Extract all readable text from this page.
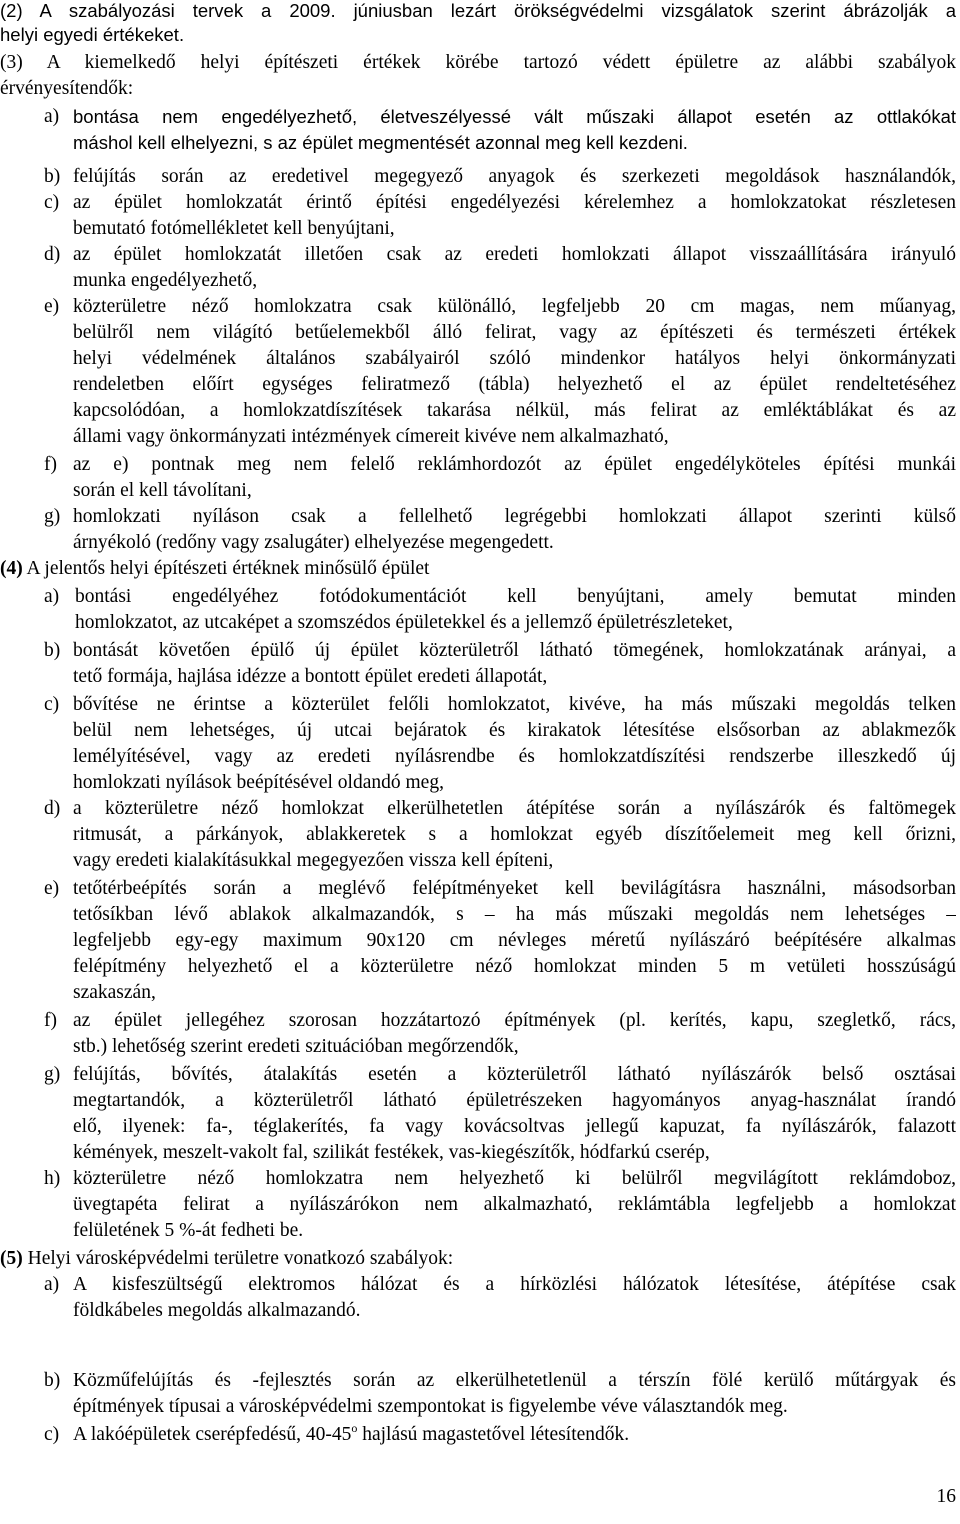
(2) A szabályozási tervek a 2009. júniusban lezárt örökségvédelmi vizsgálatok szerint ábrázolják a
helyi egyedi értékeket.
(3) A kiemelkedő helyi építészeti értékek körébe tartozó védett épületre az alábbi szabályok
érvényesítendők:
a) bontása nem engedélyezhető, életveszélyessé vált műszaki állapot esetén az ottlakókat
máshol kell elhelyezni, s az épület megmentését azonnal meg kell kezdeni.
b) felújítás során az eredetivel megegyező anyagok és szerkezeti megoldások használandók,
c) az épület homlokzatát érintő építési engedélyezési kérelemhez a homlokzatokat részletesen
bemutató fotómellékletet kell benyújtani,
d) az épület homlokzatát illetően csak az eredeti homlokzati állapot visszaállítására irányuló
munka engedélyezhető,
e) közterületre néző homlokzatra csak különálló, legfeljebb 20 cm magas, nem műanyag,
belülről nem világító betűelemekből álló felirat, vagy az építészeti és természeti értékek
helyi védelmének általános szabályairól szóló mindenkor hatályos helyi önkormányzati
rendeletben előírt egységes feliratmező (tábla) helyezhető el az épület rendeltetéséhez
kapcsolódóan, a homlokzatdíszítések takarása nélkül, más felirat az emléktáblákat és az
állami vagy önkormányzati intézmények címereit kivéve nem alkalmazható,
f) az e) pontnak meg nem felelő reklámhordozót az épület engedélyköteles építési munkái
során el kell távolítani,
g) homlokzati nyíláson csak a fellelhető legrégebbi homlokzati állapot szerinti külső
árnyékoló (redőny vagy zsalugáter) elhelyezése megengedett.
(4) A jelentős helyi építészeti értéknek minősülő épület
a) bontási engedélyéhez fotódokumentációt kell benyújtani, amely bemutat minden
homlokzatot, az utcaképet a szomszédos épületekkel és a jellemző épületrészleteket,
b) bontását követően épülő új épület közterületről látható tömegének, homlokzatának arányai, a
tető formája, hajlása idézze a bontott épület eredeti állapotát,
c) bővítése ne érintse a közterület felőli homlokzatot, kivéve, ha más műszaki megoldás telken
belül nem lehetséges, új utcai bejáratok és kirakatok létesítése elsősorban az ablakmezők
lemélyítésével, vagy az eredeti nyílásrendbe és homlokzatdíszítési rendszerbe illeszkedő új
homlokzati nyílások beépítésével oldandó meg,
d) a közterületre néző homlokzat elkerülhetetlen átépítése során a nyílászárók és faltömegek
ritmusát, a párkányok, ablakkeretek s a homlokzat egyéb díszítőelemeit meg kell őrizni,
vagy eredeti kialakításukkal megegyezően vissza kell építeni,
e) tetőtérbeépítés során a meglévő felépítményeket kell bevilágításra használni, másodsorban
tetősíkban lévő ablakok alkalmazandók, s – ha más műszaki megoldás nem lehetséges –
legfeljebb egy-egy maximum 90x120 cm névleges méretű nyílászáró beépítésére alkalmas
felépítmény helyezhető el a közterületre néző homlokzat minden 5 m vetületi hosszúságú
szakaszán,
f) az épület jellegéhez szorosan hozzátartozó építmények (pl. kerítés, kapu, szegletkő, rács,
stb.) lehetőség szerint eredeti szituációban megőrzendők,
g) felújítás, bővítés, átalakítás esetén a közterületről látható nyílászárók belső osztásai
megtartandók, a közterületről látható épületrészeken hagyományos anyag-használat írandó
elő, ilyenek: fa-, téglakerítés, fa vagy kovácsoltvas jellegű kapuzat, fa nyílászárók, falazott
kémények, meszelt-vakolt fal, szilikát festékek, vas-kiegészítők, hódfarkú cserép,
h) közterületre néző homlokzatra nem helyezhető ki belülről megvilágított reklámdoboz,
üvegtapéta felirat a nyílászárókon nem alkalmazható, reklámtábla legfeljebb a homlokzat
felületének 5 %-át fedheti be.
(5) Helyi városképvédelmi területre vonatkozó szabályok:
a) A kisfeszültségű elektromos hálózat és a hírközlési hálózatok létesítése, átépítése csak
földkábeles megoldás alkalmazandó.
b) Közműfelújítás és -fejlesztés során az elkerülhetetlenül a térszín fölé kerülő műtárgyak és
építmények típusai a városképvédelmi szempontokat is figyelembe véve választandók meg.
c) A lakóépületek cserépfedésű, 40-45$^o$ hajlású magastetővel létesítendők.
16
